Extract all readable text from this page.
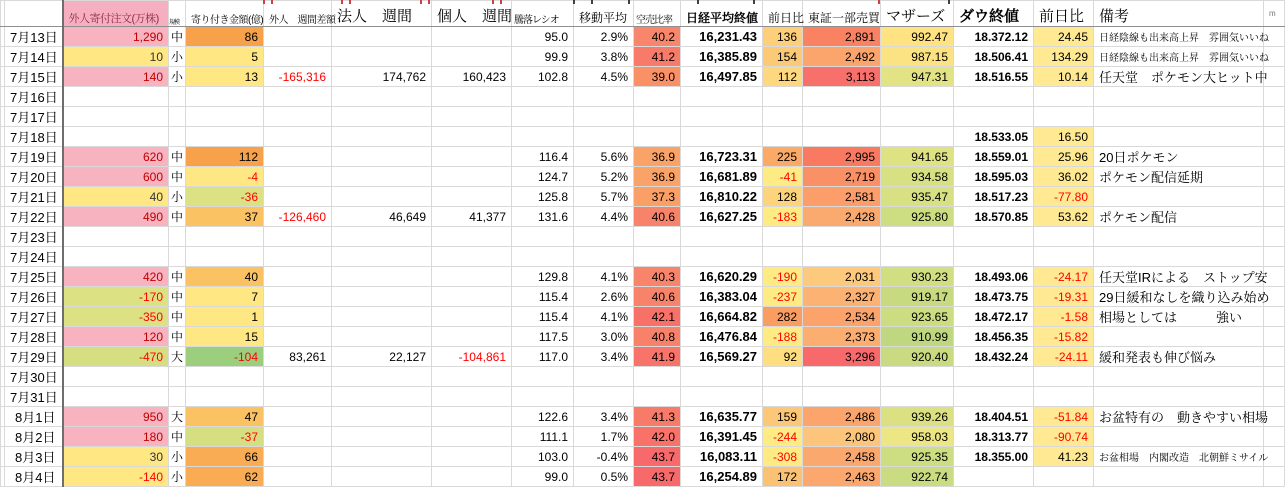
		外人寄付注文(万株)	規模	寄り付き金額(億)	外人　週間差額	法人　週間	個人　週間	騰落レシオ	移動平均	空売比率	日経平均終値	前日比	東証一部売買	マザーズ	ダウ終値	前日比	備考	m
	7月13日	1,290	中	86				95.0	2.9%	40.2	16,231.43	136	2,891	992.47	18.372.12	24.45	日経陰線も出来高上昇　雰囲気いいね	
	7月14日	10	小	5				99.9	3.8%	41.2	16,385.89	154	2,492	987.15	18.506.41	134.29	日経陰線も出来高上昇　雰囲気いいね	
	7月15日	140	小	13	-165,316	174,762	160,423	102.8	4.5%	39.0	16,497.85	112	3,113	947.31	18.516.55	10.14	任天堂　ポケモン大ヒット中	
	7月16日																	
	7月17日																	
	7月18日														18.533.05	16.50		
	7月19日	620	中	112				116.4	5.6%	36.9	16,723.31	225	2,995	941.65	18.559.01	25.96	20日ポケモン	
	7月20日	600	中	-4				124.7	5.2%	36.9	16,681.89	-41	2,719	934.58	18.595.03	36.02	ポケモン配信延期	
	7月21日	40	小	-36				125.8	5.7%	37.3	16,810.22	128	2,581	935.47	18.517.23	-77.80		
	7月22日	490	中	37	-126,460	46,649	41,377	131.6	4.4%	40.6	16,627.25	-183	2,428	925.80	18.570.85	53.62	ポケモン配信	
	7月23日																	
	7月24日																	
	7月25日	420	中	40				129.8	4.1%	40.3	16,620.29	-190	2,031	930.23	18.493.06	-24.17	任天堂IRによる　ストップ安	
	7月26日	-170	中	7				115.4	2.6%	40.6	16,383.04	-237	2,327	919.17	18.473.75	-19.31	29日緩和なしを織り込み始め	
	7月27日	-350	中	1				115.4	4.1%	42.1	16,664.82	282	2,534	923.65	18.472.17	-1.58	相場としては　　　強い	
	7月28日	120	中	15				117.5	3.0%	40.8	16,476.84	-188	2,373	910.99	18.456.35	-15.82		
	7月29日	-470	大	-104	83,261	22,127	-104,861	117.0	3.4%	41.9	16,569.27	92	3,296	920.40	18.432.24	-24.11	緩和発表も伸び悩み	
	7月30日																	
	7月31日																	
	8月1日	950	大	47				122.6	3.4%	41.3	16,635.77	159	2,486	939.26	18.404.51	-51.84	お盆特有の　動きやすい相場	
	8月2日	180	中	-37				111.1	1.7%	42.0	16,391.45	-244	2,080	958.03	18.313.77	-90.74		
	8月3日	30	小	66				103.0	-0.4%	43.7	16,083.11	-308	2,458	925.35	18.355.00	41.23	お盆相場　内閣改造　北朝鮮ミサイル	
	8月4日	-140	小	62				99.0	0.5%	43.7	16,254.89	172	2,463	922.74				
